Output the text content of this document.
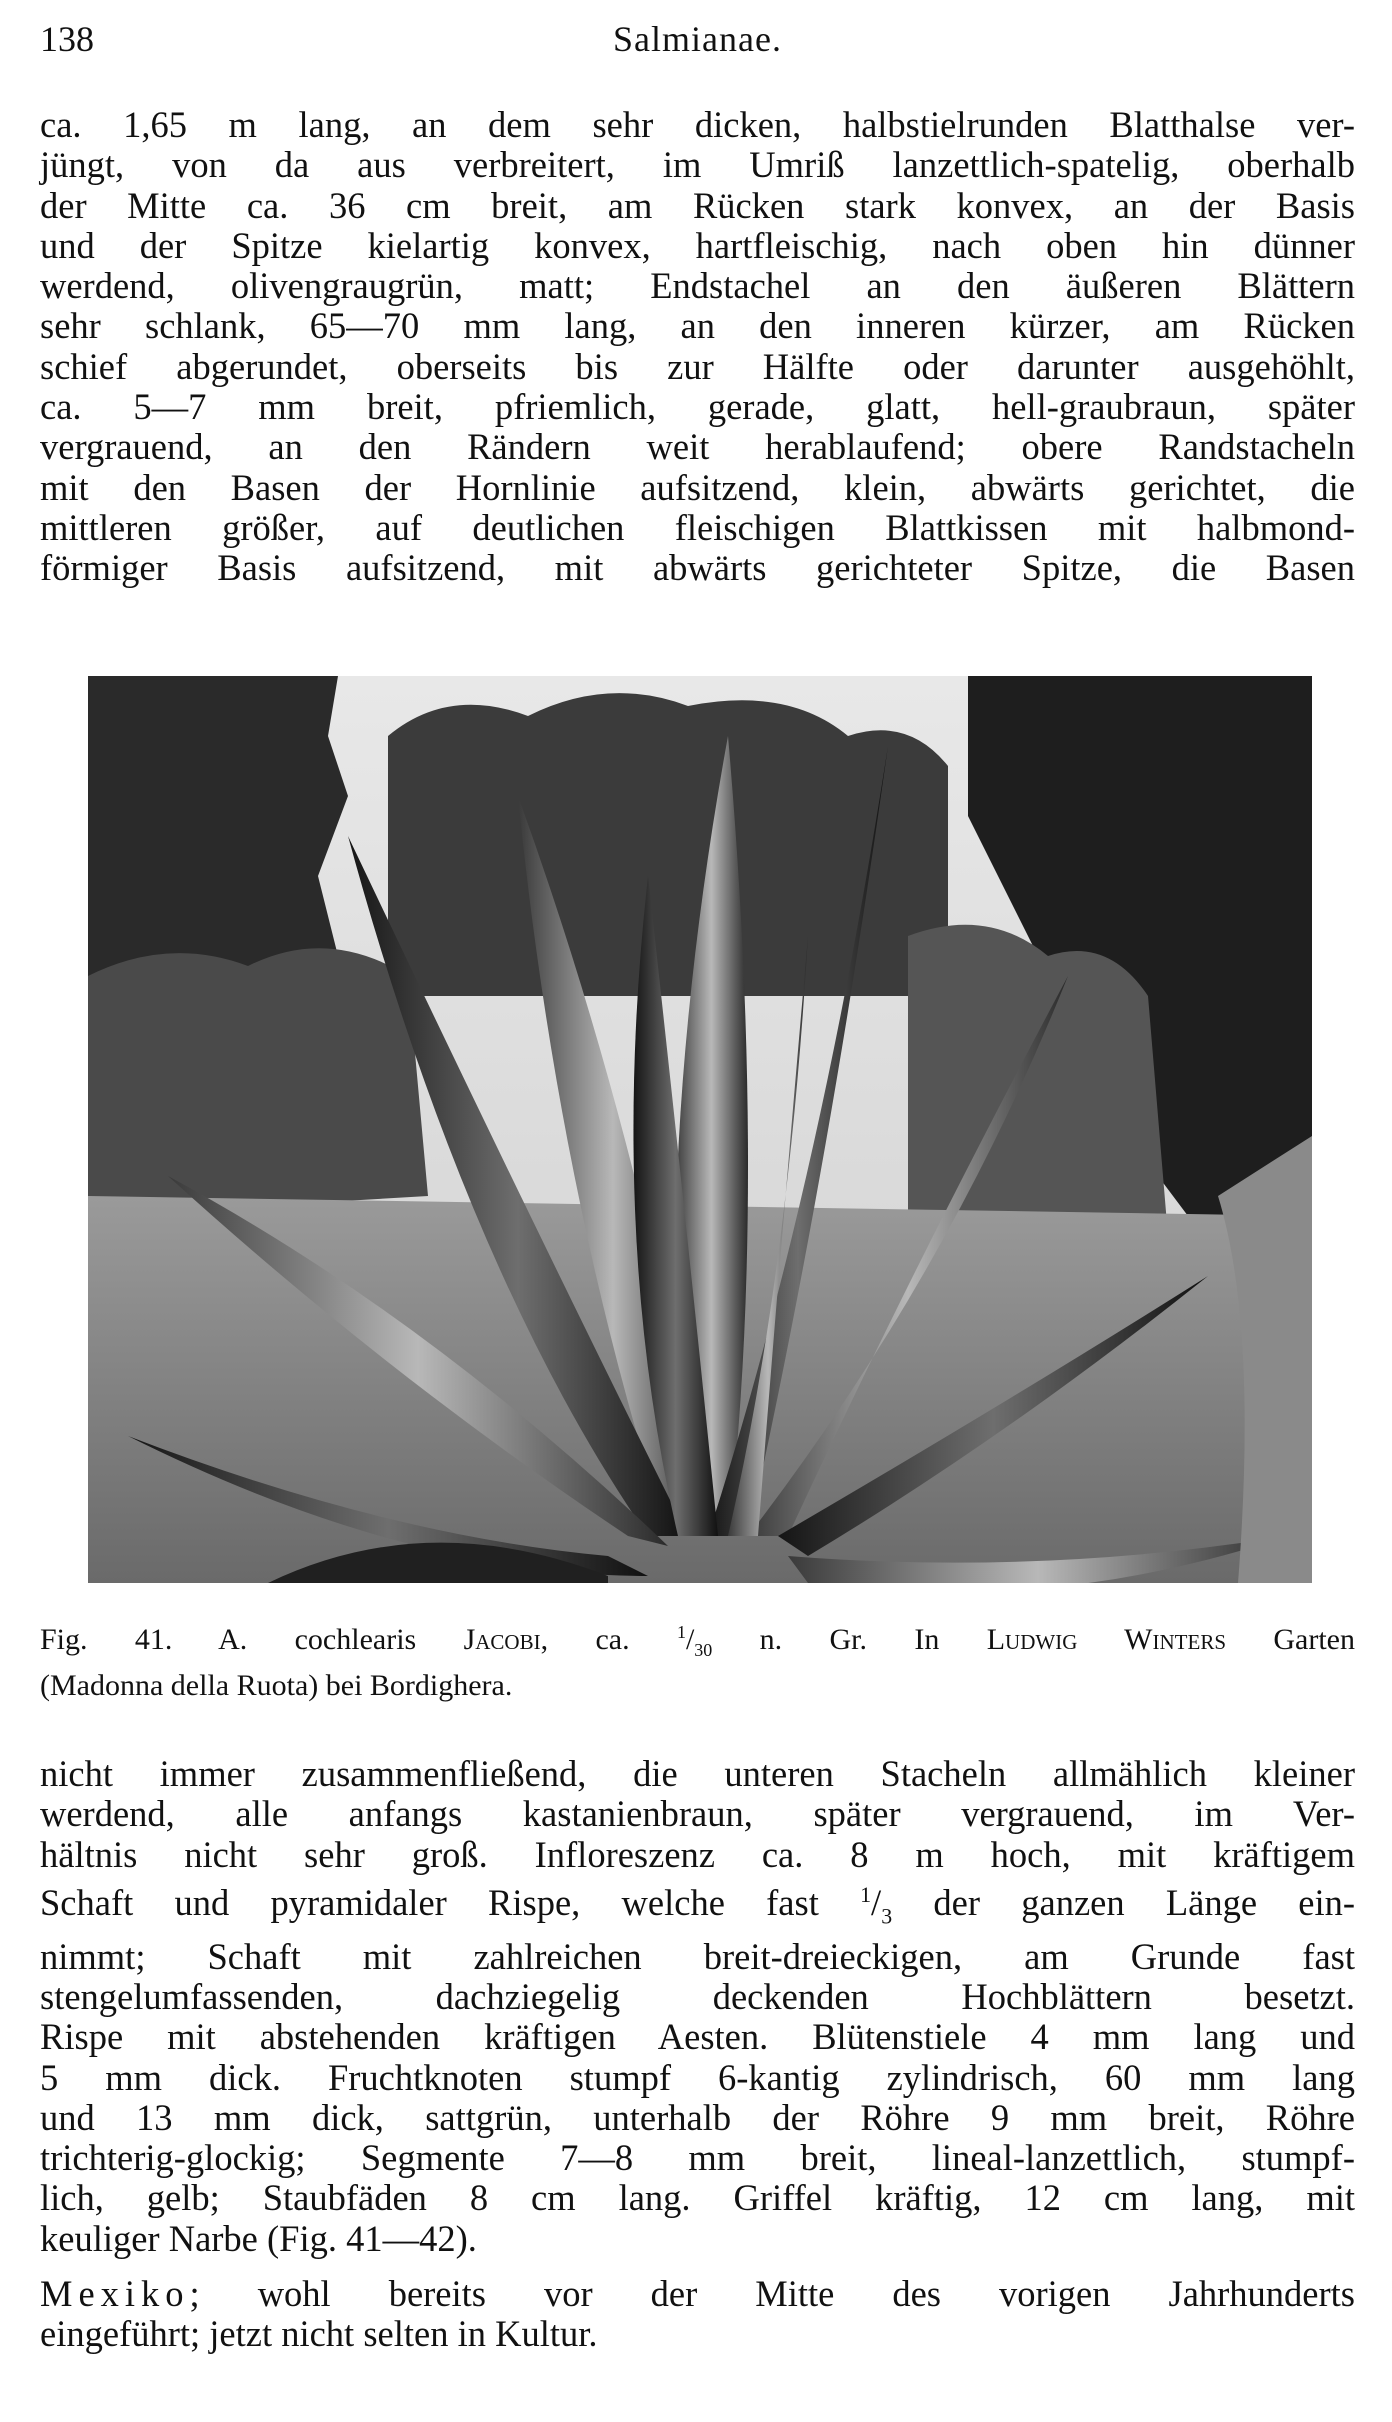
138	Salmianae.
ca. 1,65 m lang, an dem sehr dicken, halbstielrunden Blatthalse ver-
jüngt, von da aus verbreitert, im Umriß lanzettlich-spatelig, oberhalb
der Mitte ca. 36 cm breit, am Rücken stark konvex, an der Basis
und der Spitze kielartig konvex, hartfleischig, nach oben hin dünner
werdend, olivengraugrün, matt; Endstachel an den äußeren Blättern
sehr schlank, 65—70 mm lang, an den inneren kürzer, am Rücken
schief abgerundet, oberseits bis zur Hälfte oder darunter ausgehöhlt,
ca. 5—7 mm breit, pfriemlich, gerade, glatt, hell-graubraun, später
vergrauend, an den Rändern weit herablaufend; obere Randstacheln
mit den Basen der Hornlinie aufsitzend, klein, abwärts gerichtet, die
mittleren größer, auf deutlichen fleischigen Blattkissen mit halbmond-
förmiger Basis aufsitzend, mit abwärts gerichteter Spitze, die Basen
Fig. 41. A. cochlearis Jacobi, ca.	$^1/_{30}$ n. Gr. In Ludwig Winters Garten
(Madonna della Ruota) bei Bordighera.
nicht immer zusammenfließend, die unteren Stacheln allmählich kleiner
werdend, alle anfangs kastanienbraun, später vergrauend, im Ver-
hältnis nicht sehr groß. Infloreszenz ca. 8 m hoch, mit kräftigem
Schaft und pyramidaler Rispe, welche fast $^1/_3$ der ganzen Länge ein-
nimmt; Schaft mit zahlreichen breit-dreieckigen, am Grunde fast
stengelumfassenden, dachziegelig deckenden Hochblättern besetzt.
Rispe mit abstehenden kräftigen Aesten. Blütenstiele 4 mm lang und
5 mm dick. Fruchtknoten stumpf 6-kantig zylindrisch, 60 mm lang
und 13 mm dick, sattgrün, unterhalb der Röhre 9 mm breit, Röhre
trichterig-glockig; Segmente 7—8 mm breit, lineal-lanzettlich, stumpf-
lich, gelb; Staubfäden 8 cm lang. Griffel kräftig, 12 cm lang, mit
keuliger Narbe (Fig. 41—42).
Mexiko; wohl bereits vor der Mitte des vorigen Jahrhunderts
eingeführt; jetzt nicht selten in Kultur.
